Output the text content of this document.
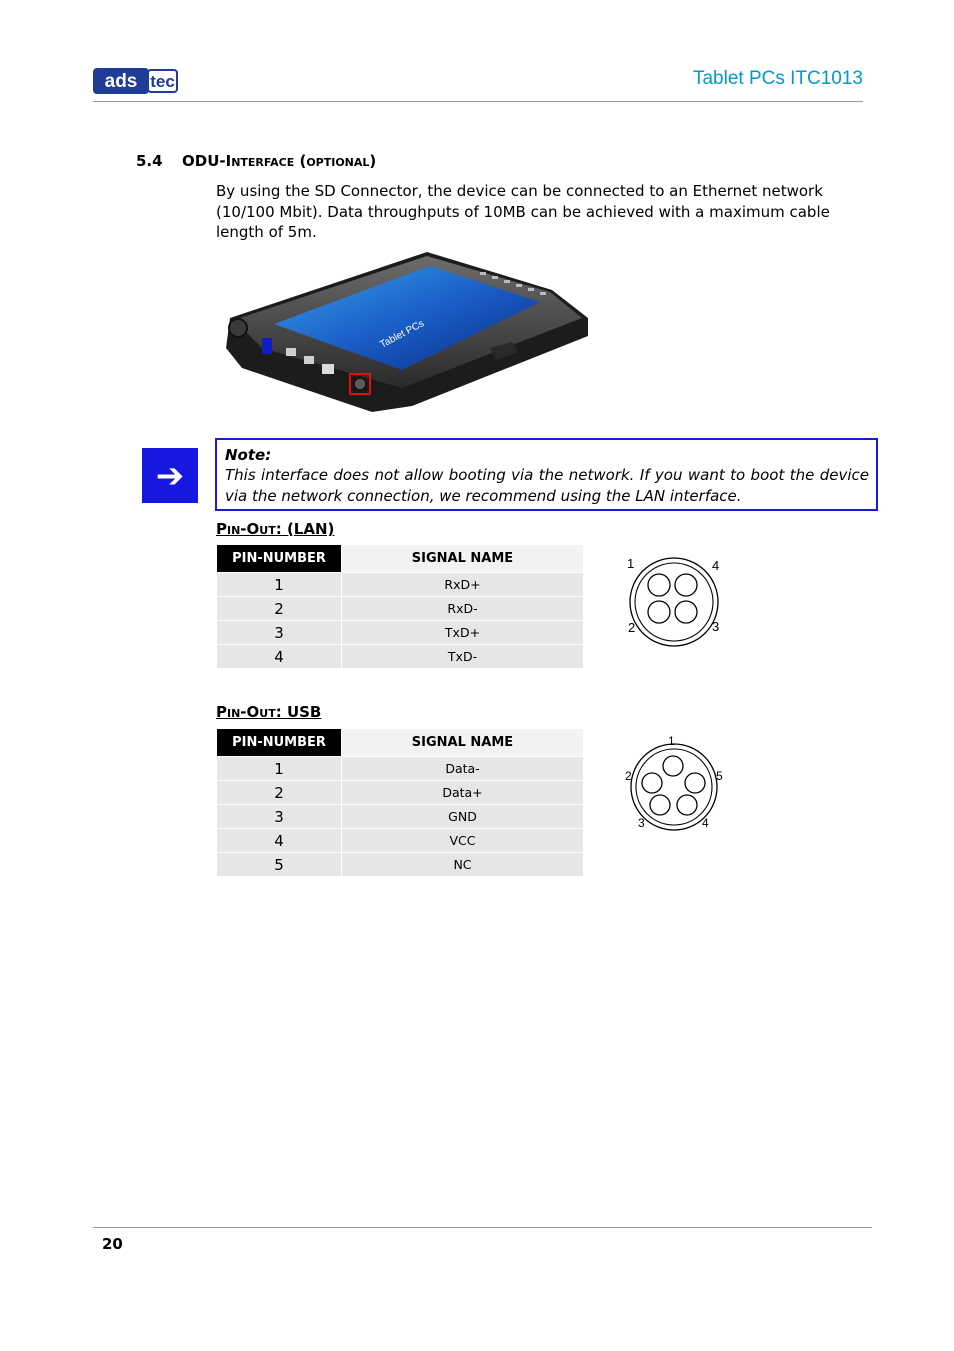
ads tec	Tablet PCs ITC1013
5.4 ODU-Interface (optional)
By using the SD Connector, the device can be connected to an Ethernet network (10/100 Mbit). Data throughputs of 10MB can be achieved with a maximum cable length of 5m.
Tablet PCs
➔
Note:
This interface does not allow booting via the network. If you want to boot the device via the network connection, we recommend using the LAN interface.
Pin-Out: (LAN)
PIN-NUMBER	SIGNAL NAME
1	RxD+
2	RxD-
3	TxD+
4	TxD-
1	4
2	3
Pin-Out: USB
PIN-NUMBER	SIGNAL NAME
1	Data-
2	Data+
3	GND
4	VCC
5	NC
1
2	5
3	4
20
